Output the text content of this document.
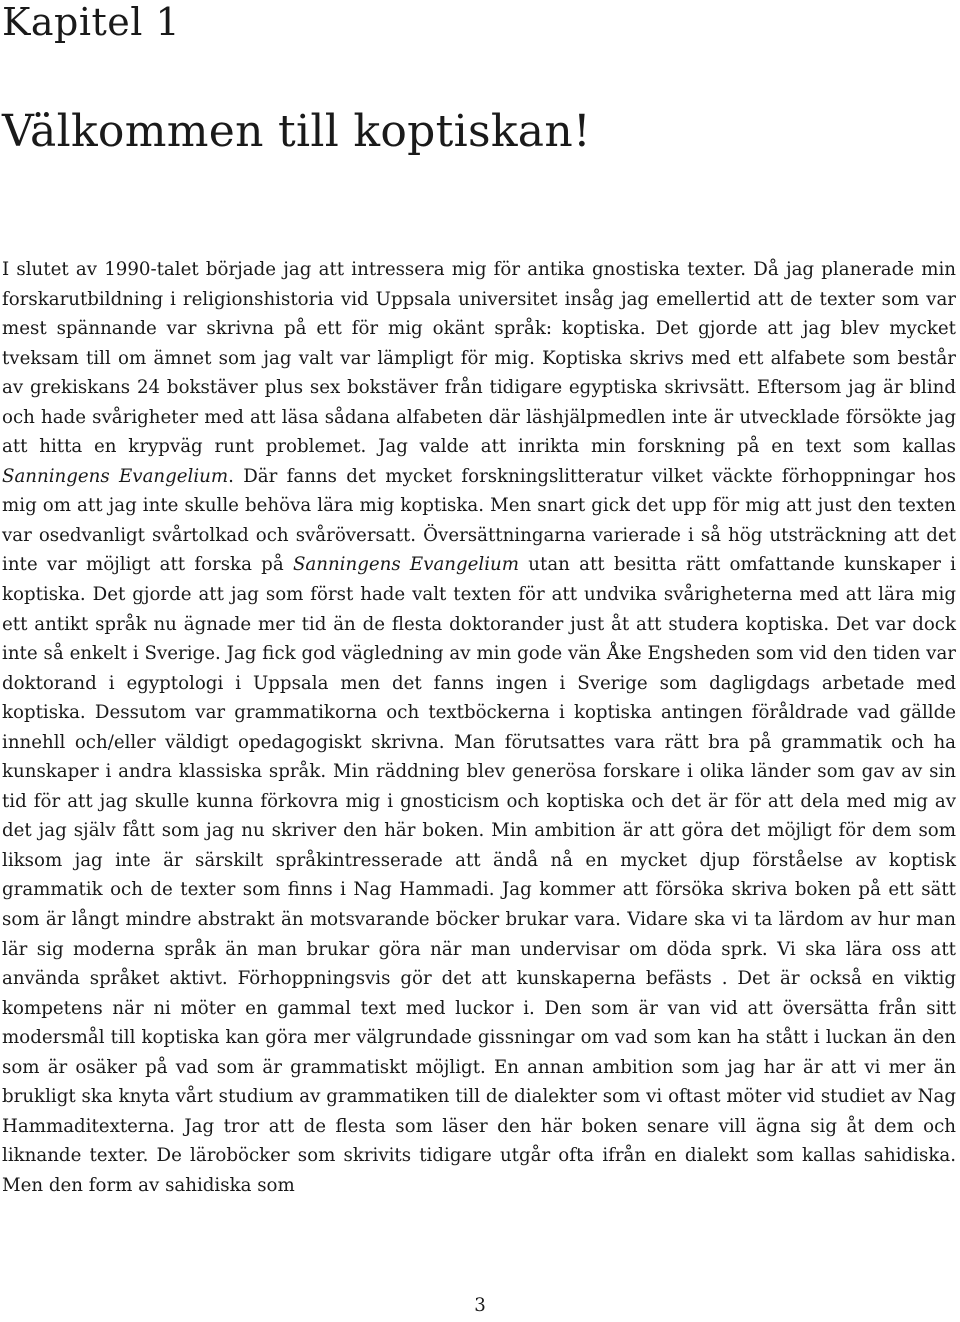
Kapitel 1
Välkommen till koptiskan!

I slutet av 1990-talet började jag att intressera mig för antika gnostiska texter. Då jag planerade min forskarutbildning i religionshistoria vid Uppsala universitet insåg jag emellertid att de texter som var mest spännande var skrivna på ett för mig okänt språk: koptiska. Det gjorde att jag blev mycket tveksam till om ämnet som jag valt var lämpligt för mig. Koptiska skrivs med ett alfabete som består av grekiskans 24 bokstäver plus sex bokstäver från tidigare egyptiska skrivsätt. Eftersom jag är blind och hade svårigheter med att läsa sådana alfabeten där läshjälpmedlen inte är utvecklade försökte jag att hitta en krypväg runt problemet. Jag valde att inrikta min forskning på en text som kallas Sanningens Evangelium. Där fanns det mycket forskningslitteratur vilket väckte förhoppningar hos mig om att jag inte skulle behöva lära mig koptiska. Men snart gick det upp för mig att just den texten var osedvanligt svårtolkad och svåröversatt. Översättningarna varierade i så hög utsträckning att det inte var möjligt att forska på Sanningens Evangelium utan att besitta rätt omfattande kunskaper i koptiska. Det gjorde att jag som först hade valt texten för att undvika svårigheterna med att lära mig ett antikt språk nu ägnade mer tid än de flesta doktorander just åt att studera koptiska. Det var dock inte så enkelt i Sverige. Jag fick god vägledning av min gode vän Åke Engsheden som vid den tiden var doktorand i egyptologi i Uppsala men det fanns ingen i Sverige som dagligdags arbetade med koptiska. Dessutom var grammatikorna och textböckerna i koptiska antingen föråldrade vad gällde innehll och/eller väldigt opedagogiskt skrivna. Man förutsattes vara rätt bra på grammatik och ha kunskaper i andra klassiska språk. Min räddning blev generösa forskare i olika länder som gav av sin tid för att jag skulle kunna förkovra mig i gnosticism och koptiska och det är för att dela med mig av det jag själv fått som jag nu skriver den här boken. Min ambition är att göra det möjligt för dem som liksom jag inte är särskilt språkintresserade att ändå nå en mycket djup förståelse av koptisk grammatik och de texter som finns i Nag Hammadi. Jag kommer att försöka skriva boken på ett sätt som är långt mindre abstrakt än motsvarande böcker brukar vara. Vidare ska vi ta lärdom av hur man lär sig moderna språk än man brukar göra när man undervisar om döda sprk. Vi ska lära oss att använda språket aktivt. Förhoppningsvis gör det att kunskaperna befästs . Det är också en viktig kompetens när ni möter en gammal text med luckor i. Den som är van vid att översätta från sitt modersmål till koptiska kan göra mer välgrundade gissningar om vad som kan ha stått i luckan än den som är osäker på vad som är grammatiskt möjligt. En annan ambition som jag har är att vi mer än brukligt ska knyta vårt studium av grammatiken till de dialekter som vi oftast möter vid studiet av Nag Hammaditexterna. Jag tror att de flesta som läser den här boken senare vill ägna sig åt dem och liknande texter. De läroböcker som skrivits tidigare utgår ofta ifrån en dialekt som kallas sahidiska. Men den form av sahidiska som

3
